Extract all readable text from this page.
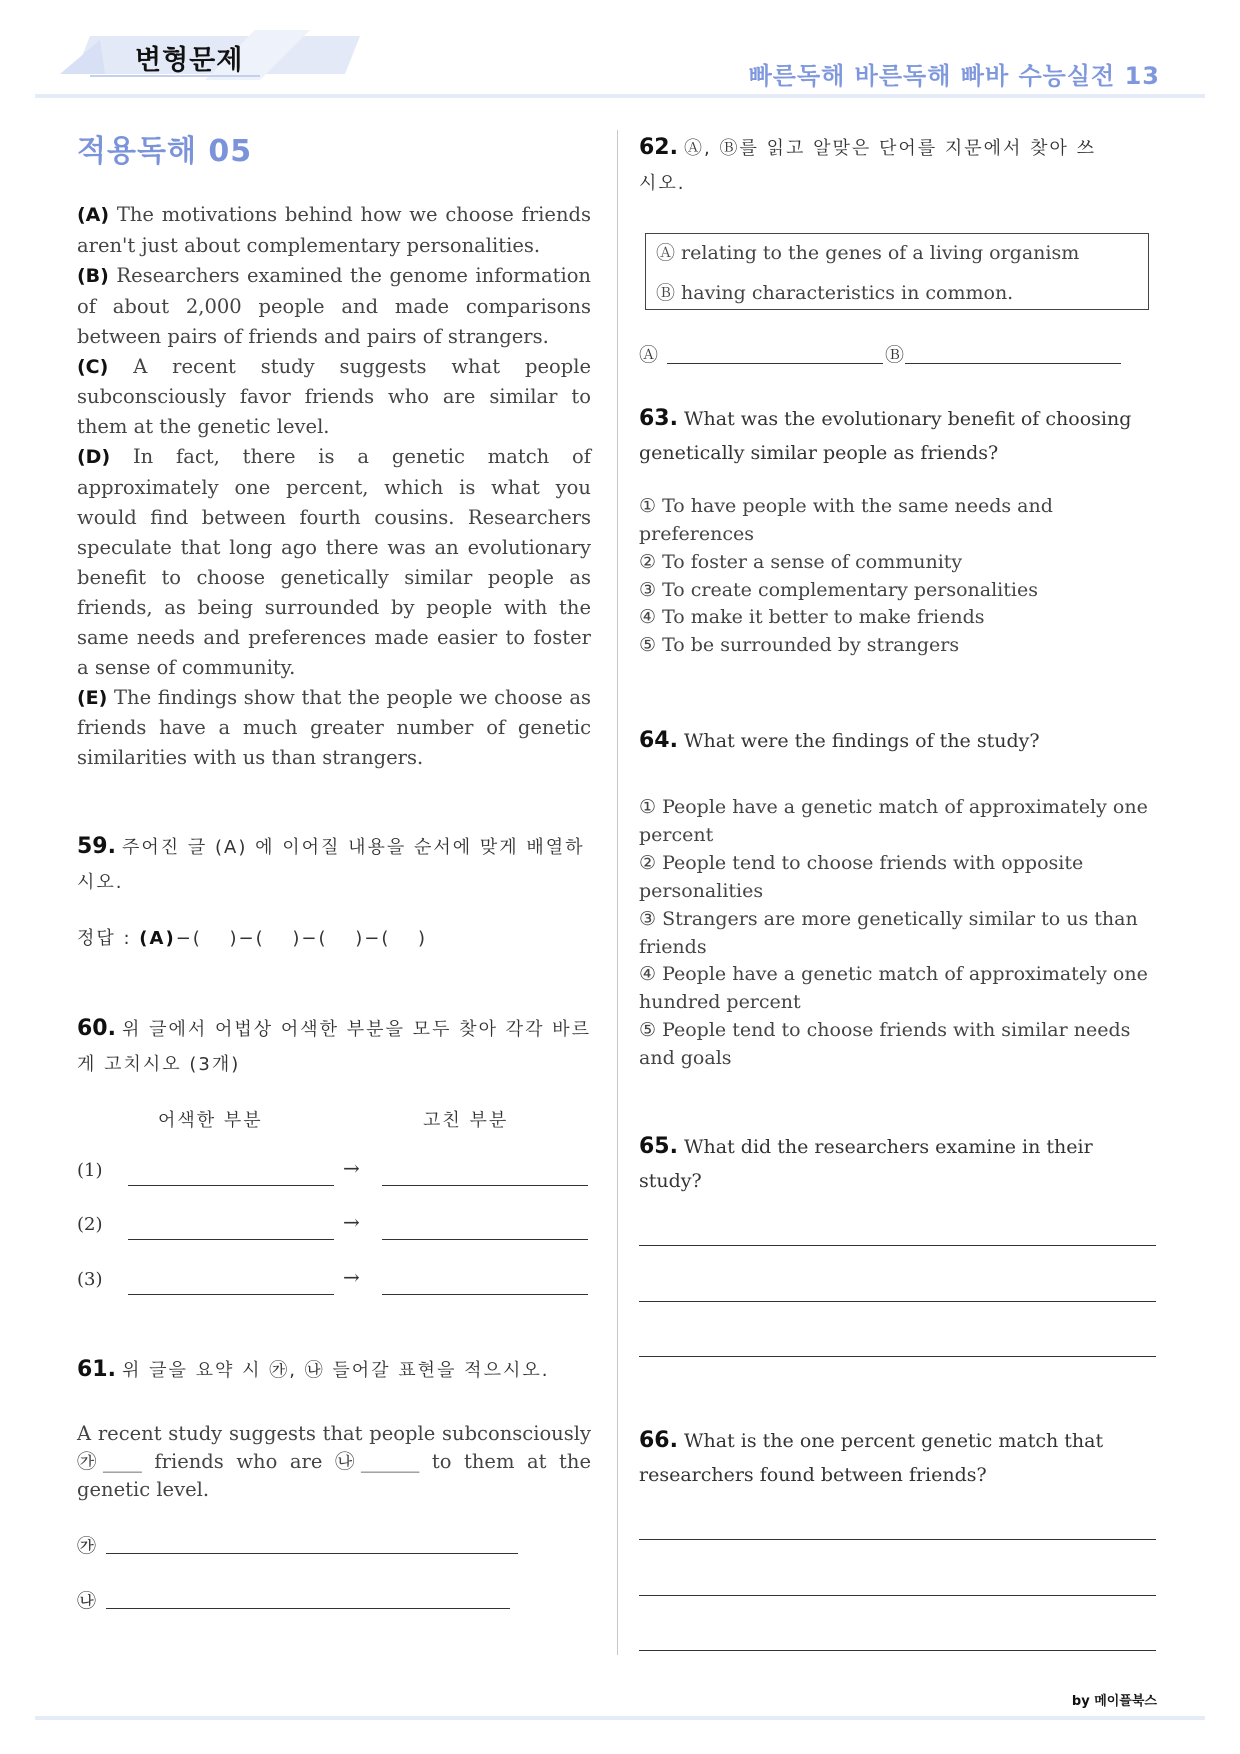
변형문제	빠른독해 바른독해 빠바 수능실전 13
적용독해 05

(A) The motivations behind how we choose friends aren't just about complementary personalities.

(B) Researchers examined the genome information of about 2,000 people and made comparisons between pairs of friends and pairs of strangers.

(C) A recent study suggests what people subconsciously favor friends who are similar to them at the genetic level.

(D) In fact, there is a genetic match of approximately one percent, which is what you would find between fourth cousins. Researchers speculate that long ago there was an evolutionary benefit to choose genetically similar people as friends, as being surrounded by people with the same needs and preferences made easier to foster a sense of community.

(E) The findings show that the people we choose as friends have a much greater number of genetic similarities with us than strangers.

59. 주어진 글 (A) 에 이어질 내용을 순서에 맞게 배열하시오.
정답 : (A)−(　 )−(　 )−(　 )−(　 )
60. 위 글에서 어법상 어색한 부분을 모두 찾아 각각 바르게 고치시오 (3개)
어색한 부분	고친 부분
(1)	→
(2)	→
(3)	→
61. 위 글을 요약 시 ㉮, ㉯ 들어갈 표현을 적으시오.
A recent study suggests that people subconsciously ㉮____ friends who are ㉯______ to them at the genetic level.
㉮
㉯
62. Ⓐ, Ⓑ를 읽고 알맞은 단어를 지문에서 찾아 쓰시오.
Ⓐ relating to the genes of a living organism
Ⓑ having characteristics in common.
Ⓐ	Ⓑ
63. What was the evolutionary benefit of choosing genetically similar people as friends?
① To have people with the same needs and preferences
② To foster a sense of community
③ To create complementary personalities
④ To make it better to make friends
⑤ To be surrounded by strangers
64. What were the findings of the study?
① People have a genetic match of approximately one percent
② People tend to choose friends with opposite personalities
③ Strangers are more genetically similar to us than friends
④ People have a genetic match of approximately one hundred percent
⑤ People tend to choose friends with similar needs and goals
65. What did the researchers examine in their study?
66. What is the one percent genetic match that researchers found between friends?
by 메이플북스
